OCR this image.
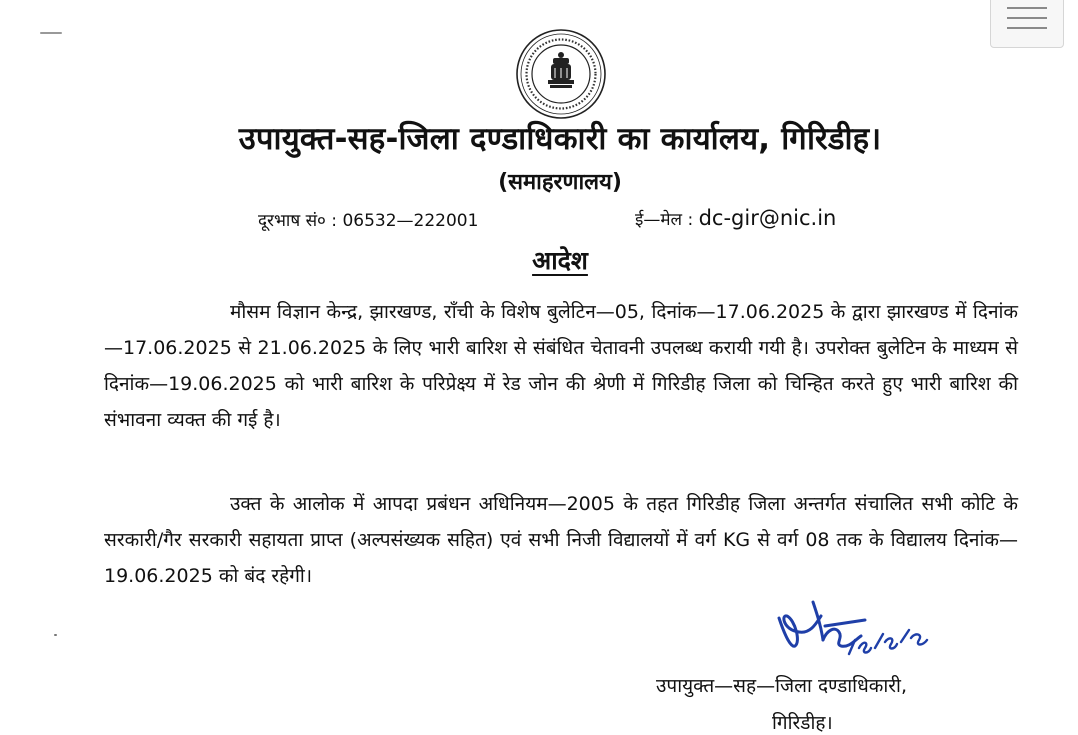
उपायुक्त-सह-जिला दण्डाधिकारी का कार्यालय, गिरिडीह।
(समाहरणालय)
दूरभाष सं० : 06532—222001	ई—मेल : dc-gir@nic.in
आदेश

मौसम विज्ञान केन्द्र, झारखण्ड, राँची के विशेष बुलेटिन—05, दिनांक—17.06.2025 के द्वारा झारखण्ड में दिनांक—17.06.2025 से 21.06.2025 के लिए भारी बारिश से संबंधित चेतावनी उपलब्ध करायी गयी है। उपरोक्त बुलेटिन के माध्यम से दिनांक—19.06.2025 को भारी बारिश के परिप्रेक्ष्य में रेड जोन की श्रेणी में गिरिडीह जिला को चिन्हित करते हुए भारी बारिश की संभावना व्यक्त की गई है।

उक्त के आलोक में आपदा प्रबंधन अधिनियम—2005 के तहत गिरिडीह जिला अन्तर्गत संचालित सभी कोटि के सरकारी/गैर सरकारी सहायता प्राप्त (अल्पसंख्यक सहित) एवं सभी निजी विद्यालयों में वर्ग KG से वर्ग 08 तक के विद्यालय दिनांक—19.06.2025 को बंद रहेगी।

उपायुक्त—सह—जिला दण्डाधिकारी,
गिरिडीह।
